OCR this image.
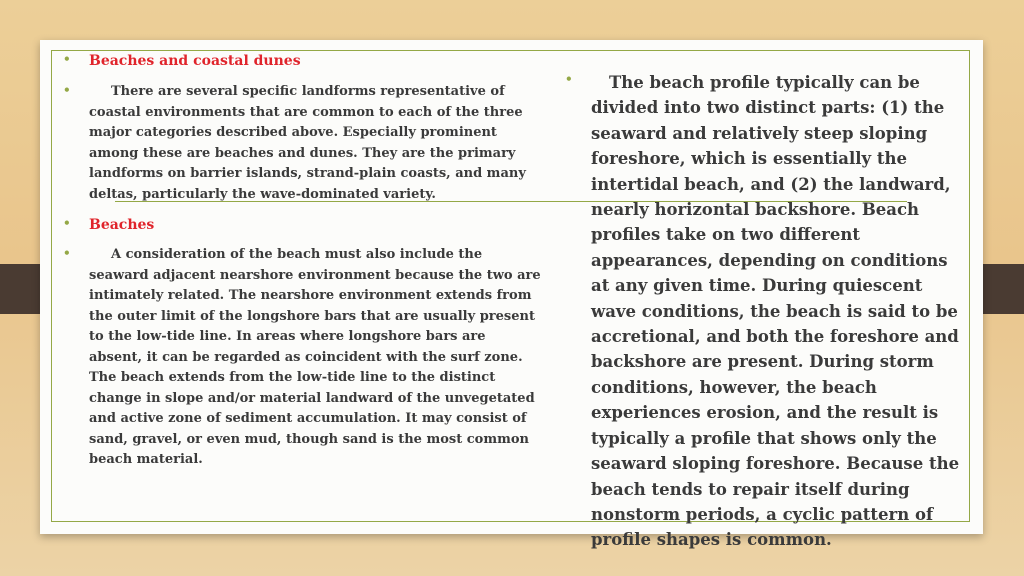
• Beaches and coastal dunes
•	There are several specific landforms representative of coastal environments that are common to each of the three major categories described above. Especially prominent among these are beaches and dunes. They are the primary landforms on barrier islands, strand-plain coasts, and many deltas, particularly the wave-dominated variety.

• Beaches
•	A consideration of the beach must also include the seaward adjacent nearshore environment because the two are intimately related. The nearshore environment extends from the outer limit of the longshore bars that are usually present to the low-tide line. In areas where longshore bars are absent, it can be regarded as coincident with the surf zone. The beach extends from the low-tide line to the distinct change in slope and/or material landward of the unvegetated and active zone of sediment accumulation. It may consist of sand, gravel, or even mud, though sand is the most common beach material.

•	The beach profile typically can be divided into two distinct parts: (1) the seaward and relatively steep sloping foreshore, which is essentially the intertidal beach, and (2) the landward, nearly horizontal backshore. Beach profiles take on two different appearances, depending on conditions at any given time. During quiescent wave conditions, the beach is said to be accretional, and both the foreshore and backshore are present. During storm conditions, however, the beach experiences erosion, and the result is typically a profile that shows only the seaward sloping foreshore. Because the beach tends to repair itself during nonstorm periods, a cyclic pattern of profile shapes is common.
